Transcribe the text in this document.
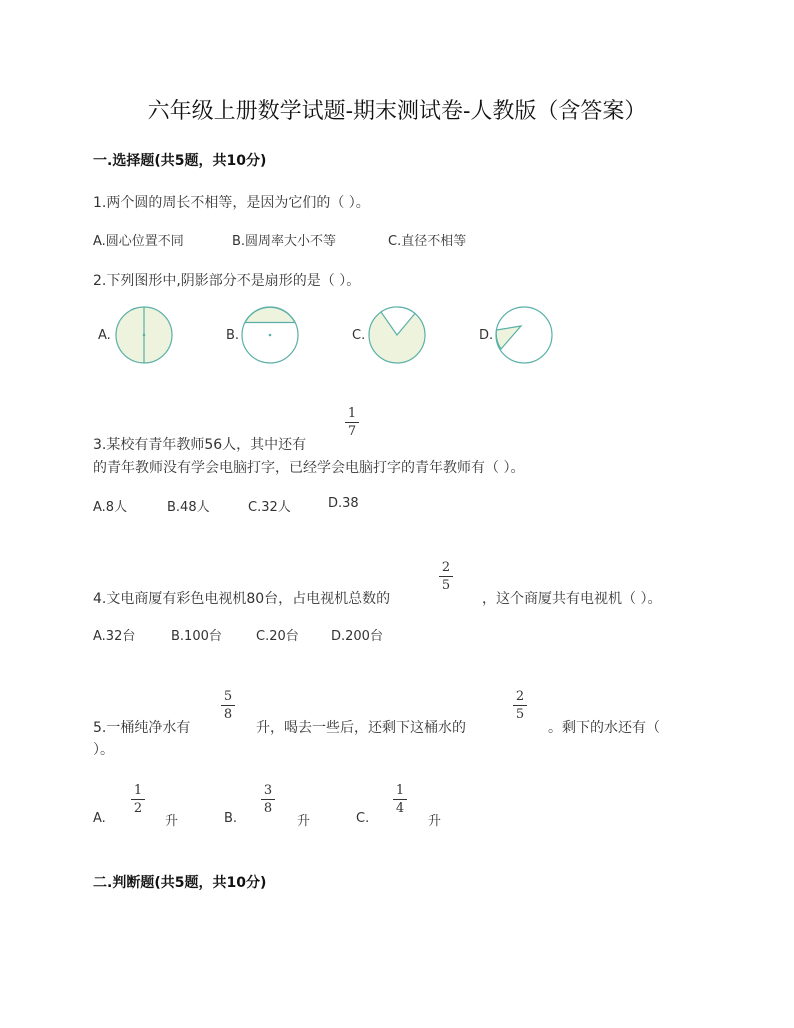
六年级上册数学试题-期末测试卷-人教版（含答案）
一.选择题(共5题，共10分)
1.两个圆的周长不相等，是因为它们的（ ）。
A.圆心位置不同	B.圆周率大小不等	C.直径不相等
2.下列图形中,阴影部分不是扇形的是（ ）。
A.	B.	C.	D.
3.某校有青年教师56人，其中还有
1
7
的青年教师没有学会电脑打字，已经学会电脑打字的青年教师有（ ）。
A.8人	B.48人	C.32人	D.38
4.文电商厦有彩色电视机80台，占电视机总数的
2
5
，这个商厦共有电视机（ ）。
A.32台	B.100台	C.20台 D.200台
5.一桶纯净水有
5
8
升，喝去一些后，还剩下这桶水的
2
5
。剩下的水还有（
）。
A.
1
2
升	B.
3
8
升	C.
1
4
升
二.判断题(共5题，共10分)
